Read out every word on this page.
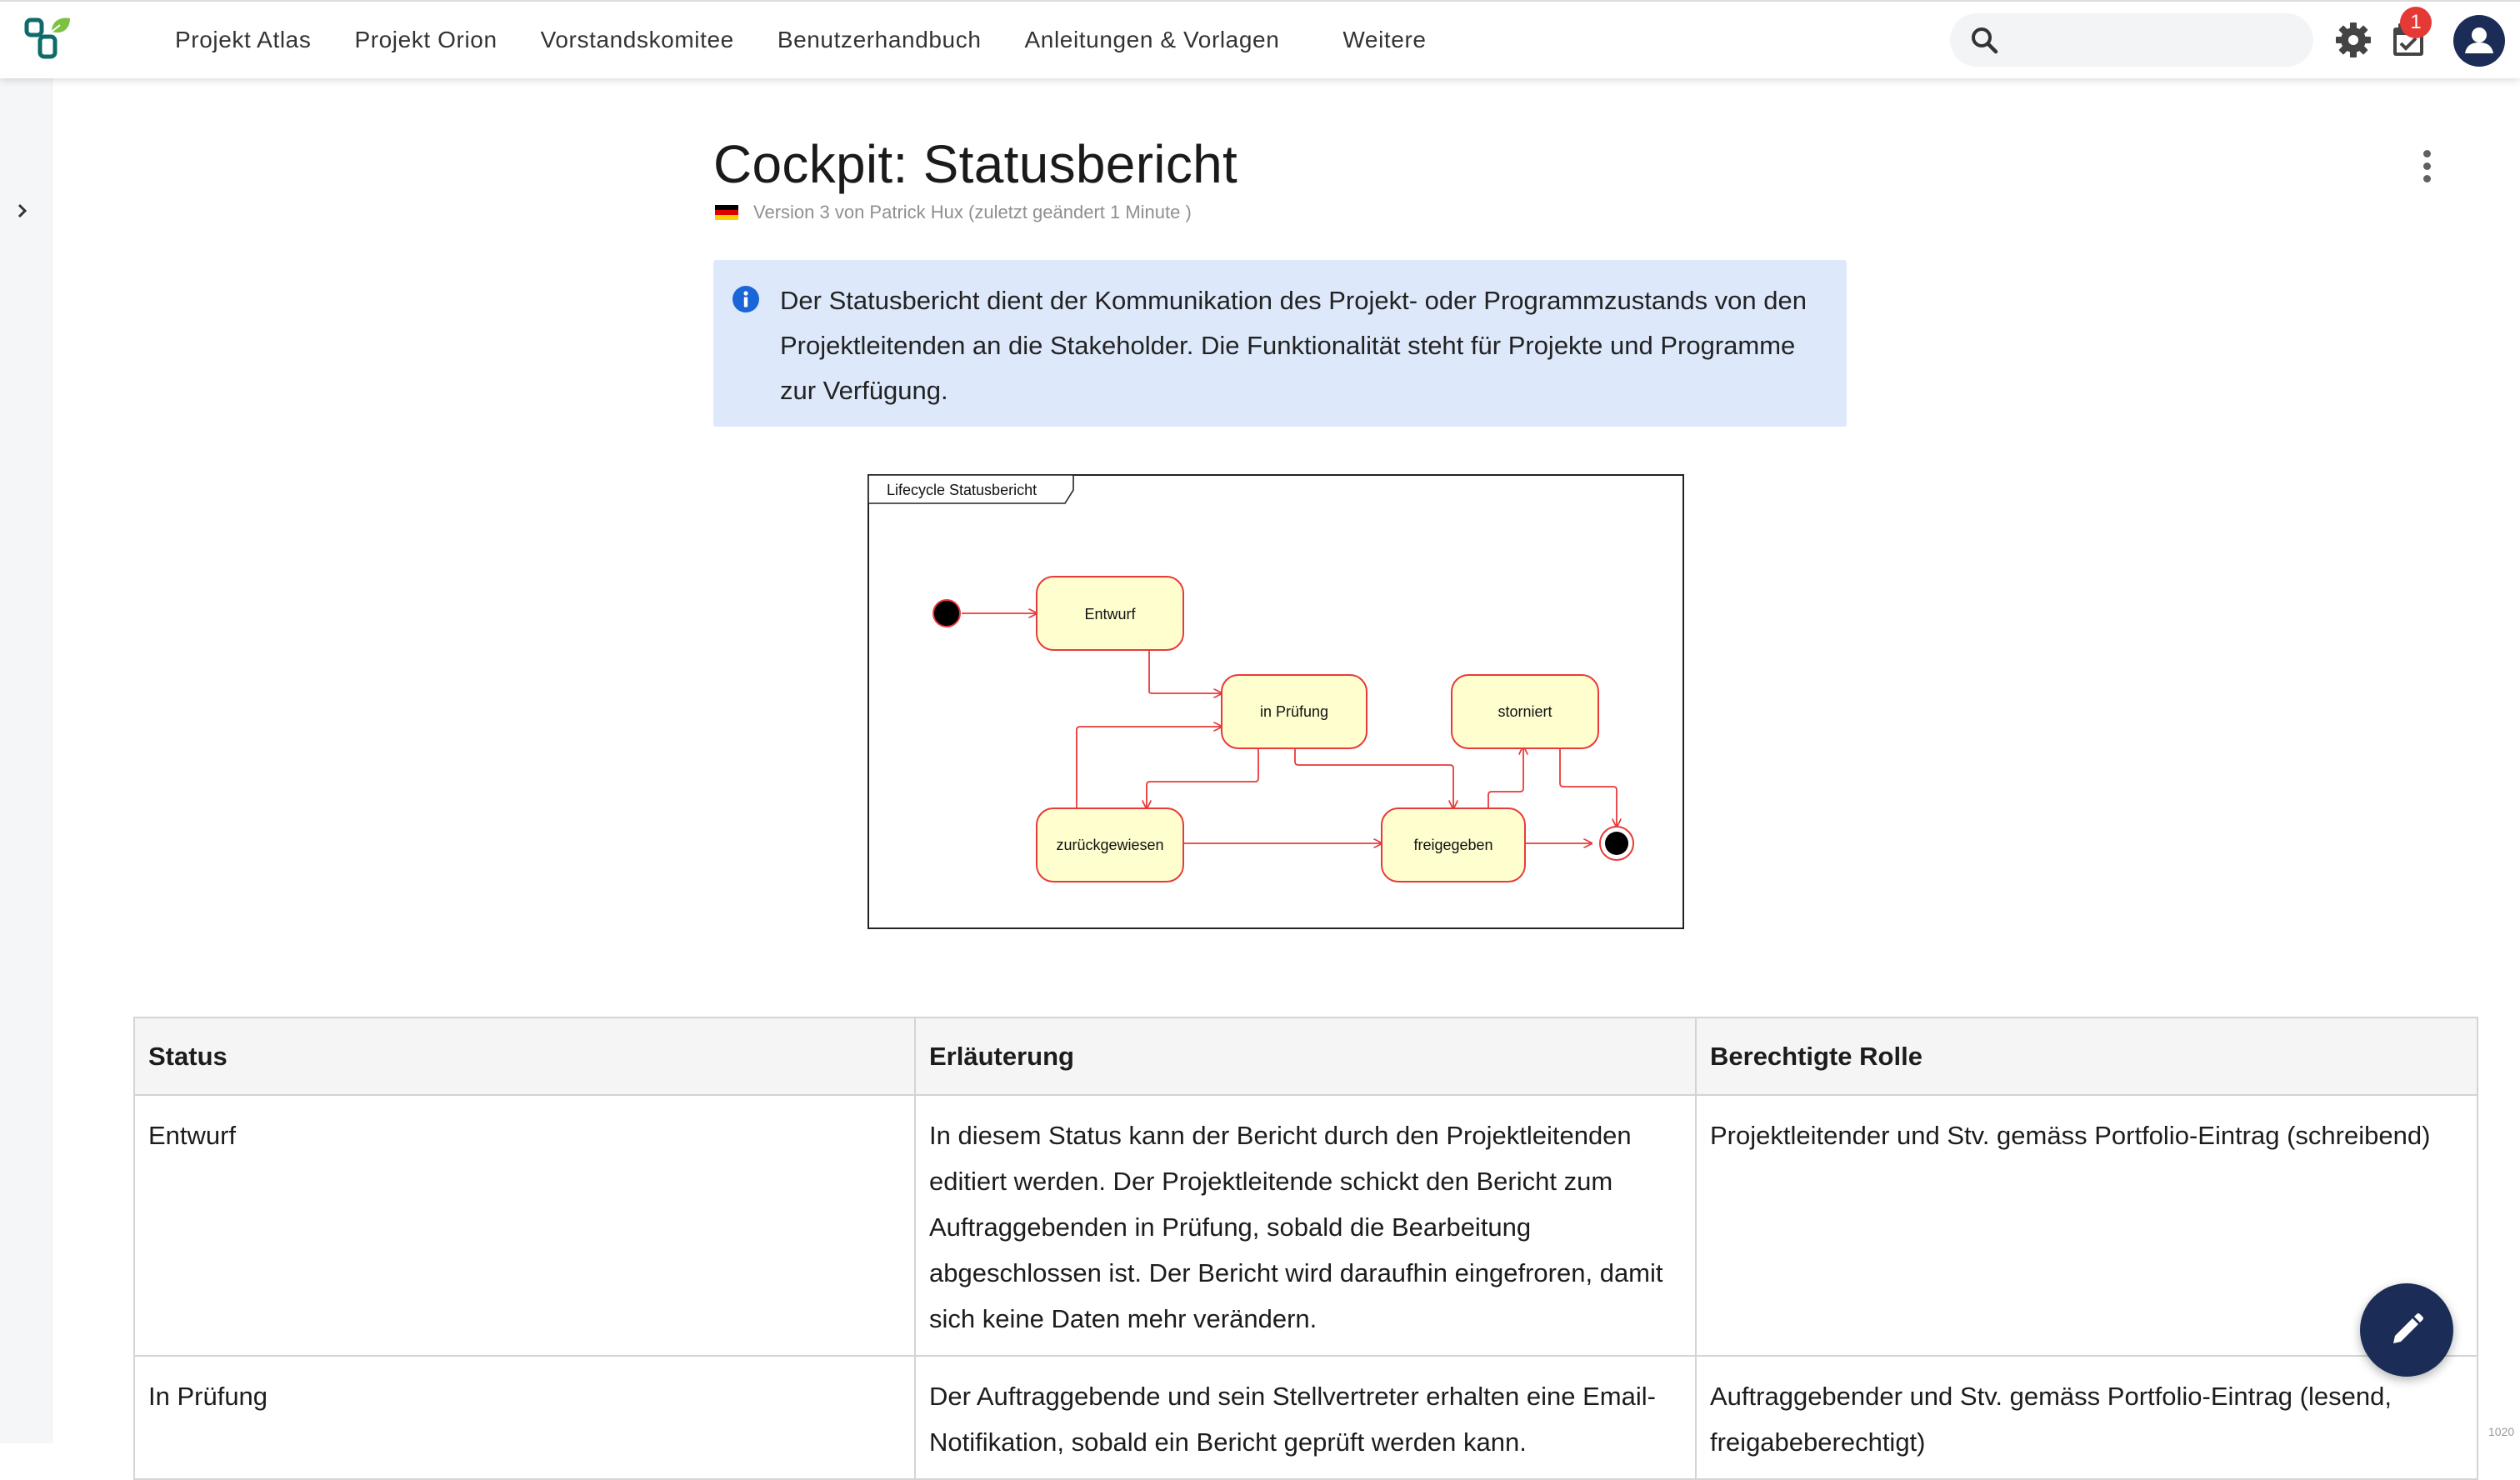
Projekt Atlas Projekt Orion Vorstandskomitee Benutzerhandbuch Anleitungen & Vorlagen	Weitere
1
Cockpit: Statusbericht
Version 3 von Patrick Hux (zuletzt geändert 1 Minute )
Der Statusbericht dient der Kommunikation des Projekt- oder Programmzustands von den Projektleitenden an die Stakeholder. Die Funktionalität steht für Projekte und Programme zur Verfügung.
Lifecycle Statusbericht
Entwurf
in Prüfung	storniert
zurückgewiesen	freigegeben
Status	Erläuterung	Berechtigte Rolle
Entwurf	In diesem Status kann der Bericht durch den Projektleitenden editiert werden. Der Projektleitende schickt den Bericht zum Auftraggebenden in Prüfung, sobald die Bearbeitung abgeschlossen ist. Der Bericht wird daraufhin eingefroren, damit sich keine Daten mehr verändern.	Projektleitender und Stv. gemäss Portfolio-Eintrag (schreibend)
In Prüfung	Der Auftraggebende und sein Stellvertreter erhalten eine Email-Notifikation, sobald ein Bericht geprüft werden kann.	Auftraggebender und Stv. gemäss Portfolio-Eintrag (lesend, freigabeberechtigt)	1020
